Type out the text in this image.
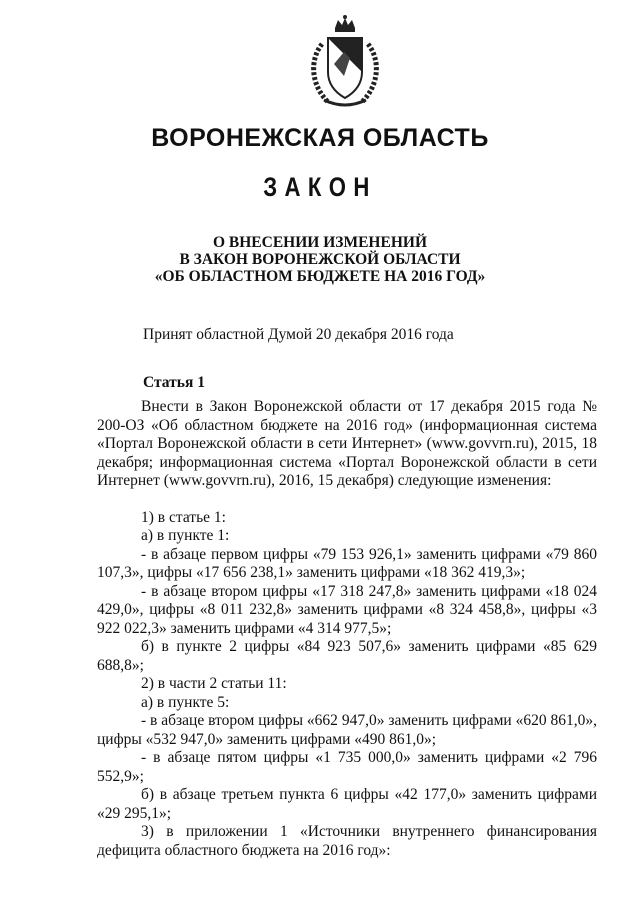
ВОРОНЕЖСКАЯ ОБЛАСТЬ
ЗАКОН
О ВНЕСЕНИИ ИЗМЕНЕНИЙ
В ЗАКОН ВОРОНЕЖСКОЙ ОБЛАСТИ
«ОБ ОБЛАСТНОМ БЮДЖЕТЕ НА 2016 ГОД»
Принят областной Думой 20 декабря 2016 года
Статья 1
Внести в Закон Воронежской области от 17 декабря 2015 года № 200-ОЗ «Об областном бюджете на 2016 год» (информационная система «Портал Воронежской области в сети Интернет» (www.govvrn.ru), 2015, 18 декабря; информационная система «Портал Воронежской области в сети Интернет (www.govvrn.ru), 2016, 15 декабря) следующие изменения:
1) в статье 1:
а) в пункте 1:
- в абзаце первом цифры «79 153 926,1» заменить цифрами «79 860 107,3», цифры «17 656 238,1» заменить цифрами «18 362 419,3»;
- в абзаце втором цифры «17 318 247,8» заменить цифрами «18 024 429,0», цифры «8 011 232,8» заменить цифрами «8 324 458,8», цифры «3 922 022,3» заменить цифрами «4 314 977,5»;
б) в пункте 2 цифры «84 923 507,6» заменить цифрами «85 629 688,8»;
2) в части 2 статьи 11:
а) в пункте 5:
- в абзаце втором цифры «662 947,0» заменить цифрами «620 861,0», цифры «532 947,0» заменить цифрами «490 861,0»;
- в абзаце пятом цифры «1 735 000,0» заменить цифрами «2 796 552,9»;
б) в абзаце третьем пункта 6 цифры «42 177,0» заменить цифрами «29 295,1»;
3) в приложении 1 «Источники внутреннего финансирования дефицита областного бюджета на 2016 год»:
